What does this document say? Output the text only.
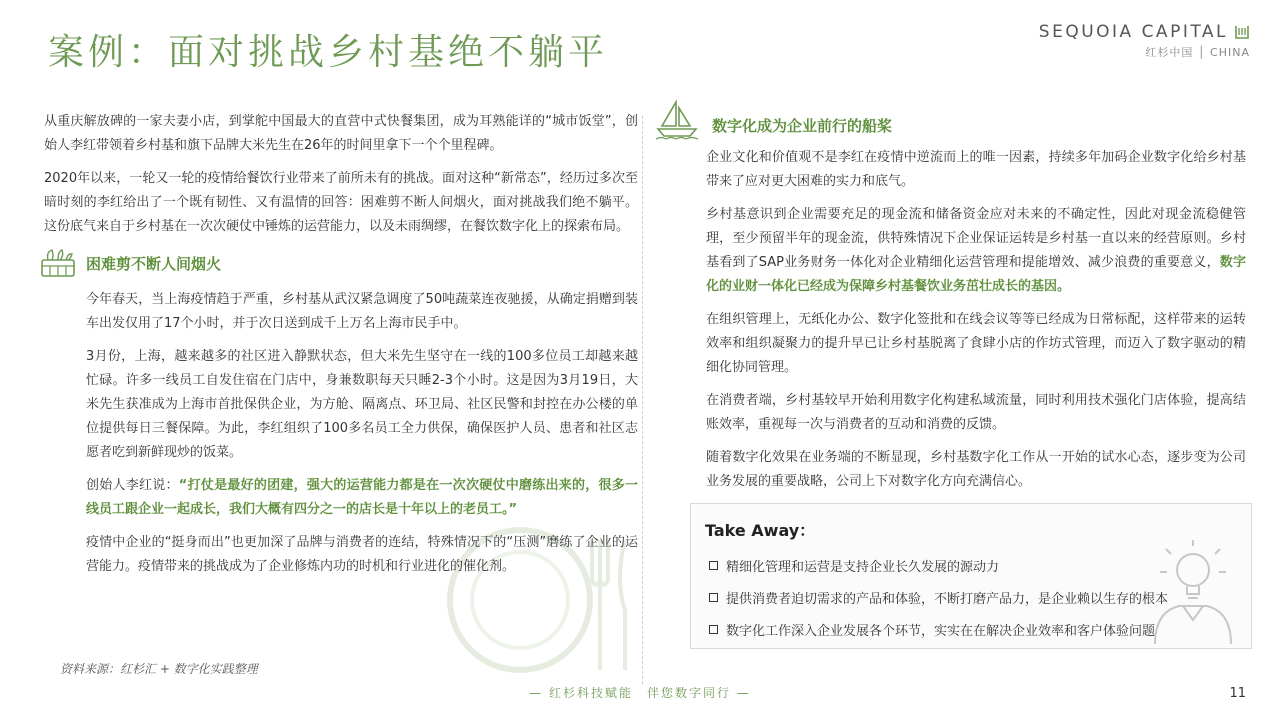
案例：面对挑战乡村基绝不躺平	SEQUOIA CAPITAL
红杉中国 │ CHINA

从重庆解放碑的一家夫妻小店，到掌舵中国最大的直营中式快餐集团，成为耳熟能详的“城市饭堂”，创始人李红带领着乡村基和旗下品牌大米先生在26年的时间里拿下一个个里程碑。

2020年以来，一轮又一轮的疫情给餐饮行业带来了前所未有的挑战。面对这种“新常态”，经历过多次至暗时刻的李红给出了一个既有韧性、又有温情的回答：困难剪不断人间烟火，面对挑战我们绝不躺平。这份底气来自于乡村基在一次次硬仗中锤炼的运营能力，以及未雨绸缪，在餐饮数字化上的探索布局。

困难剪不断人间烟火

今年春天，当上海疫情趋于严重，乡村基从武汉紧急调度了50吨蔬菜连夜驰援，从确定捐赠到装车出发仅用了17个小时，并于次日送到成千上万名上海市民手中。

3月份，上海，越来越多的社区进入静默状态，但大米先生坚守在一线的100多位员工却越来越忙碌。许多一线员工自发住宿在门店中，身兼数职每天只睡2-3个小时。这是因为3月19日，大米先生获准成为上海市首批保供企业，为方舱、隔离点、环卫局、社区民警和封控在办公楼的单位提供每日三餐保障。为此，李红组织了100多名员工全力供保，确保医护人员、患者和社区志愿者吃到新鲜现炒的饭菜。

创始人李红说：“打仗是最好的团建，强大的运营能力都是在一次次硬仗中磨练出来的，很多一线员工跟企业一起成长，我们大概有四分之一的店长是十年以上的老员工。”

疫情中企业的“挺身而出”也更加深了品牌与消费者的连结，特殊情况下的“压测”磨练了企业的运营能力。疫情带来的挑战成为了企业修炼内功的时机和行业进化的催化剂。

数字化成为企业前行的船桨

企业文化和价值观不是李红在疫情中逆流而上的唯一因素，持续多年加码企业数字化给乡村基带来了应对更大困难的实力和底气。

乡村基意识到企业需要充足的现金流和储备资金应对未来的不确定性，因此对现金流稳健管理，至少预留半年的现金流，供特殊情况下企业保证运转是乡村基一直以来的经营原则。乡村基看到了SAP业务财务一体化对企业精细化运营管理和提能增效、减少浪费的重要意义，数字化的业财一体化已经成为保障乡村基餐饮业务茁壮成长的基因。

在组织管理上，无纸化办公、数字化签批和在线会议等等已经成为日常标配，这样带来的运转效率和组织凝聚力的提升早已让乡村基脱离了食肆小店的作坊式管理，而迈入了数字驱动的精细化协同管理。

在消费者端，乡村基较早开始利用数字化构建私域流量，同时利用技术强化门店体验，提高结账效率，重视每一次与消费者的互动和消费的反馈。

随着数字化效果在业务端的不断显现，乡村基数字化工作从一开始的试水心态，逐步变为公司业务发展的重要战略，公司上下对数字化方向充满信心。

Take Away：
精细化管理和运营是支持企业长久发展的源动力
提供消费者迫切需求的产品和体验，不断打磨产品力，是企业赖以生存的根本
数字化工作深入企业发展各个环节，实实在在解决企业效率和客户体验问题
资料来源：红杉汇 + 数字化实践整理
— 红杉科技赋能　伴您数字同行 —	11
